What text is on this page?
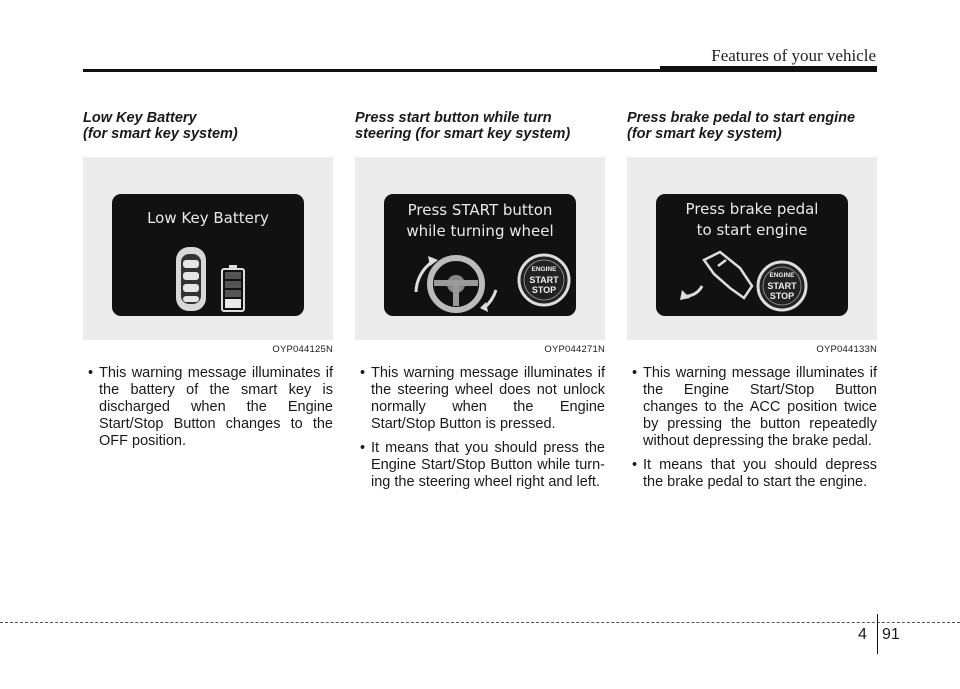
Features of your vehicle
Low Key Battery
(for smart key system)
Low Key Battery
OYP044125N
• This warning message illuminates if the battery of the smart key is discharged when the Engine Start/Stop Button changes to the OFF position.
Press start button while turn
steering (for smart key system)
Press START button
while turning wheel
ENGINE
START
STOP
OYP044271N
• This warning message illuminates if the steering wheel does not unlock normally when the Engine Start/Stop Button is pressed.
• It means that you should press the Engine Start/Stop Button while turn-ing the steering wheel right and left.
Press brake pedal to start engine
(for smart key system)
Press brake pedal
to start engine
ENGINE
START
STOP
OYP044133N
• This warning message illuminates if the Engine Start/Stop Button changes to the ACC position twice by pressing the button repeatedly without depressing the brake pedal.
• It means that you should depress the brake pedal to start the engine.
4 91
